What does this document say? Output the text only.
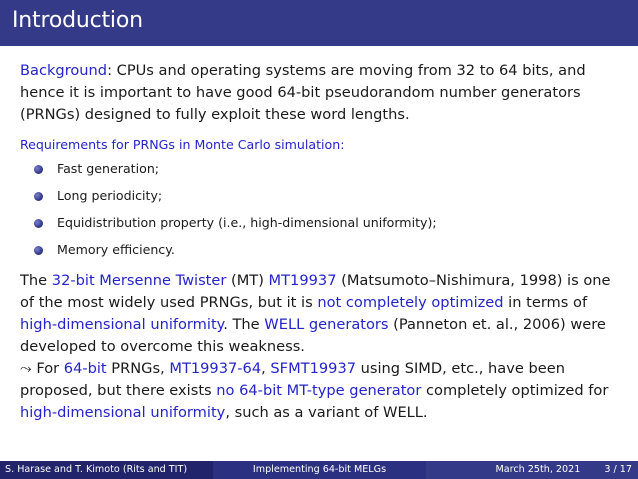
Introduction

Background: CPUs and operating systems are moving from 32 to 64 bits, and hence it is important to have good 64-bit pseudorandom number generators (PRNGs) designed to fully exploit these word lengths.

Requirements for PRNGs in Monte Carlo simulation:
Fast generation;
Long periodicity;
Equidistribution property (i.e., high-dimensional uniformity);
Memory efficiency.

The 32-bit Mersenne Twister (MT) MT19937 (Matsumoto–Nishimura, 1998) is one of the most widely used PRNGs, but it is not completely optimized in terms of high-dimensional uniformity. The WELL generators (Panneton et. al., 2006) were developed to overcome this weakness.
⤳ For 64-bit PRNGs, MT19937-64, SFMT19937 using SIMD, etc., have been proposed, but there exists no 64-bit MT-type generator completely optimized for high-dimensional uniformity, such as a variant of WELL.

S. Harase and T. Kimoto (Rits and TIT)	Implementing 64-bit MELGs	March 25th, 2021	3 / 17
